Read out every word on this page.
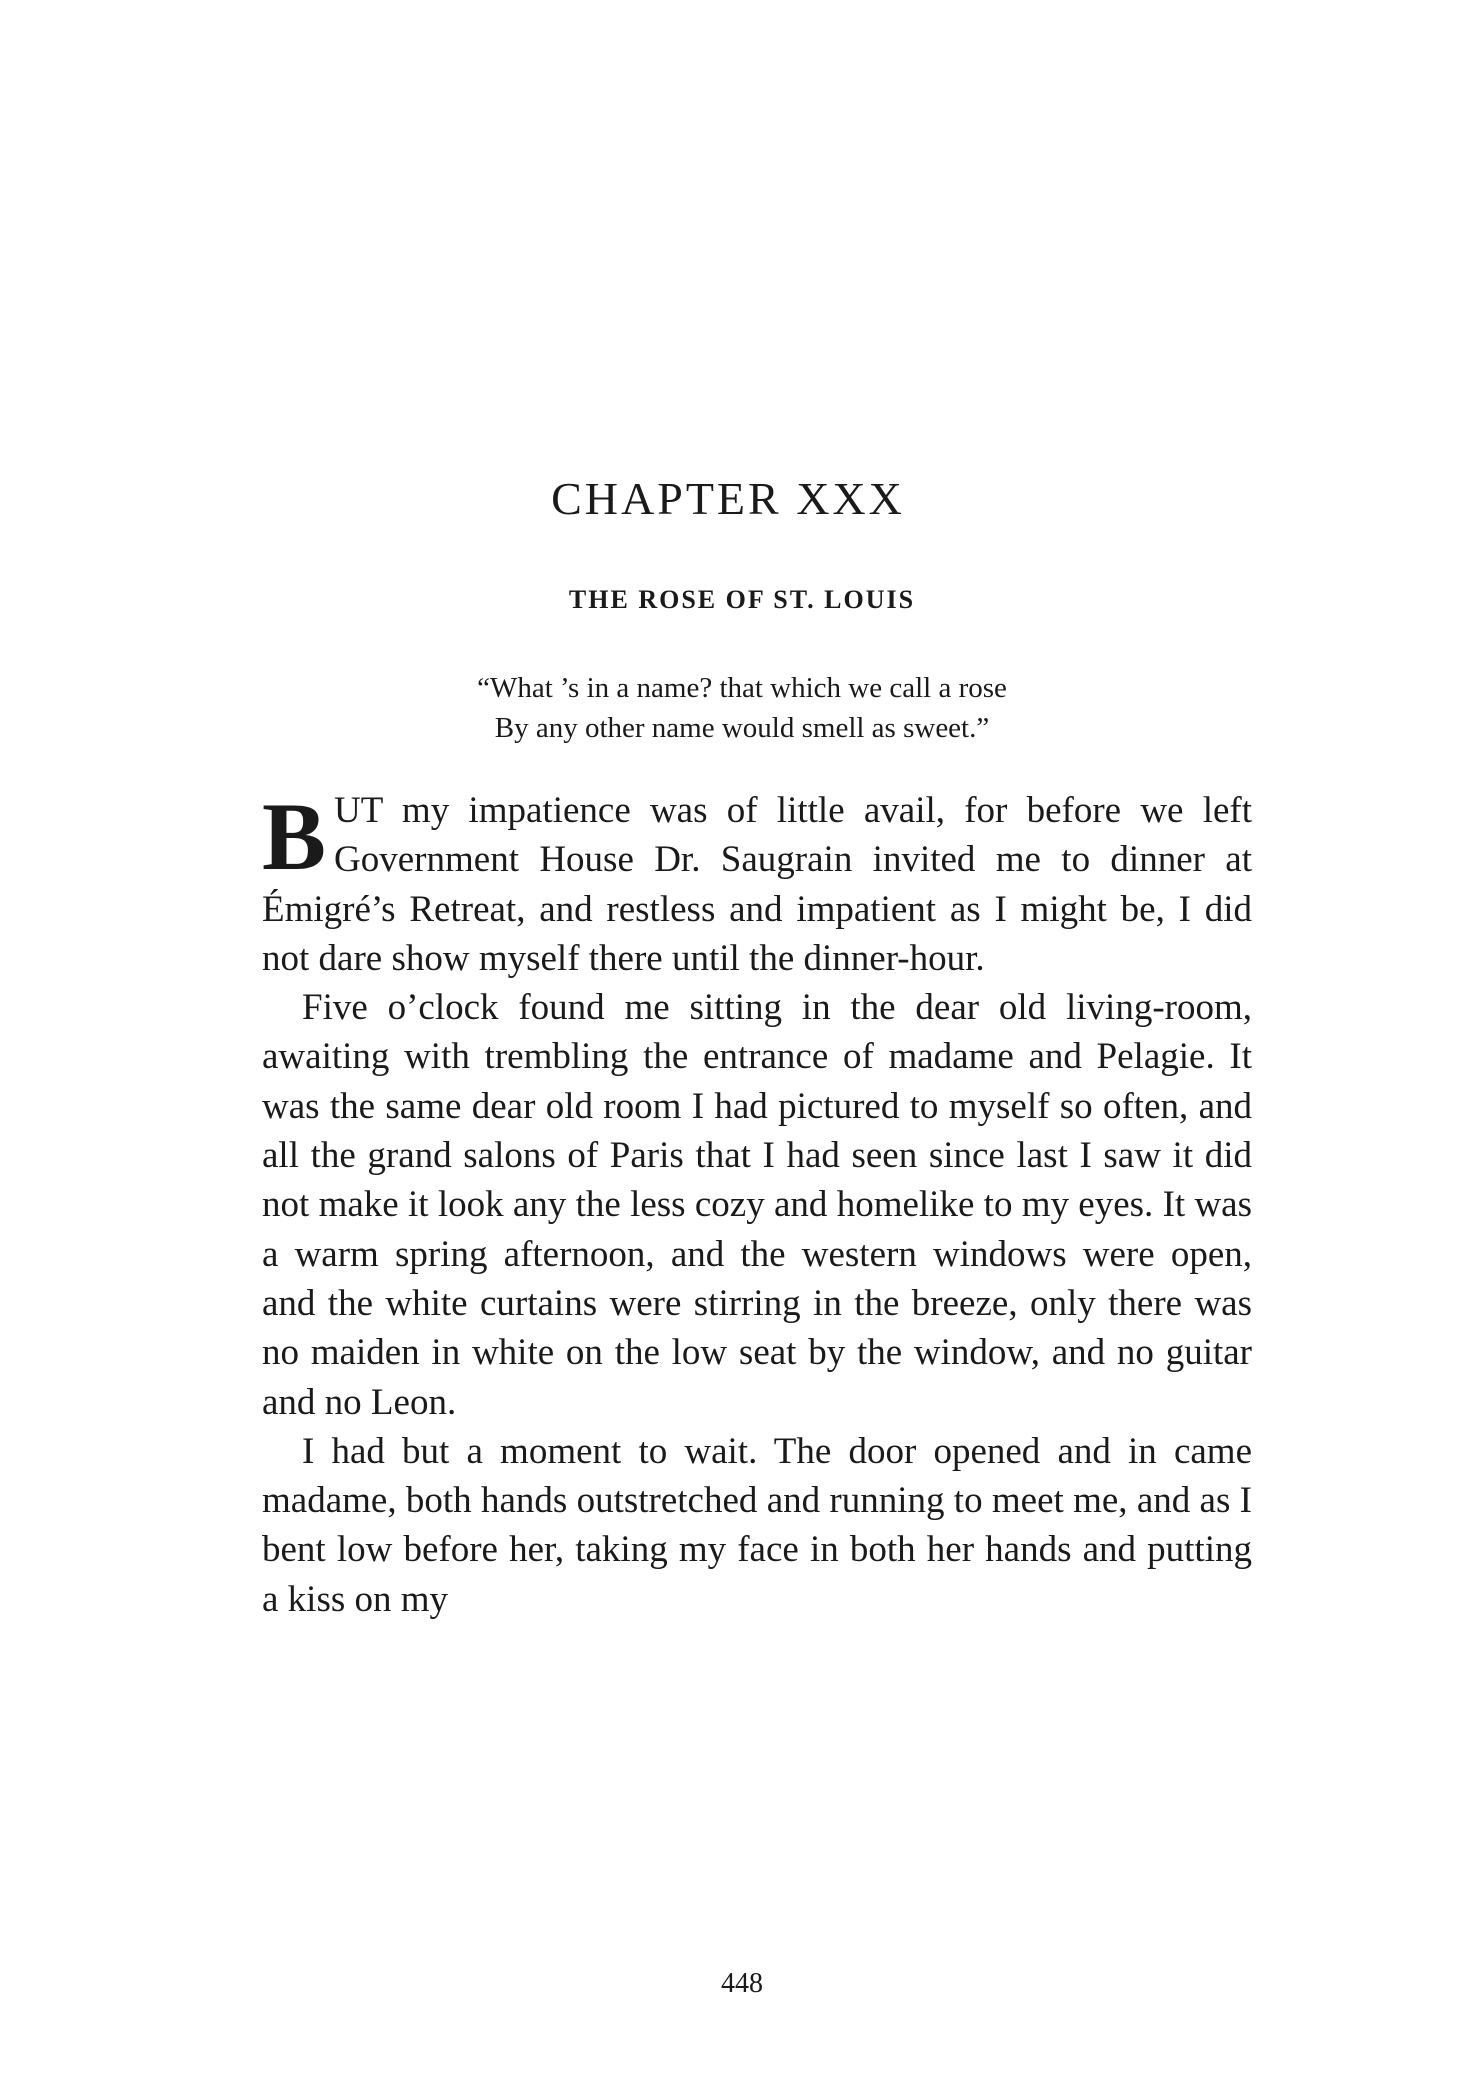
CHAPTER XXX
THE ROSE OF ST. LOUIS
“What ’s in a name? that which we call a rose
By any other name would smell as sweet.”

BUT my impatience was of little avail, for before we left Government House Dr. Saugrain invited me to dinner at Émigré’s Retreat, and restless and impatient as I might be, I did not dare show myself there until the dinner-hour.

Five o’clock found me sitting in the dear old living-room, awaiting with trembling the entrance of madame and Pelagie. It was the same dear old room I had pictured to myself so often, and all the grand salons of Paris that I had seen since last I saw it did not make it look any the less cozy and homelike to my eyes. It was a warm spring afternoon, and the western windows were open, and the white curtains were stirring in the breeze, only there was no maiden in white on the low seat by the window, and no guitar and no Leon.

I had but a moment to wait. The door opened and in came madame, both hands outstretched and running to meet me, and as I bent low before her, taking my face in both her hands and putting a kiss on my

448
